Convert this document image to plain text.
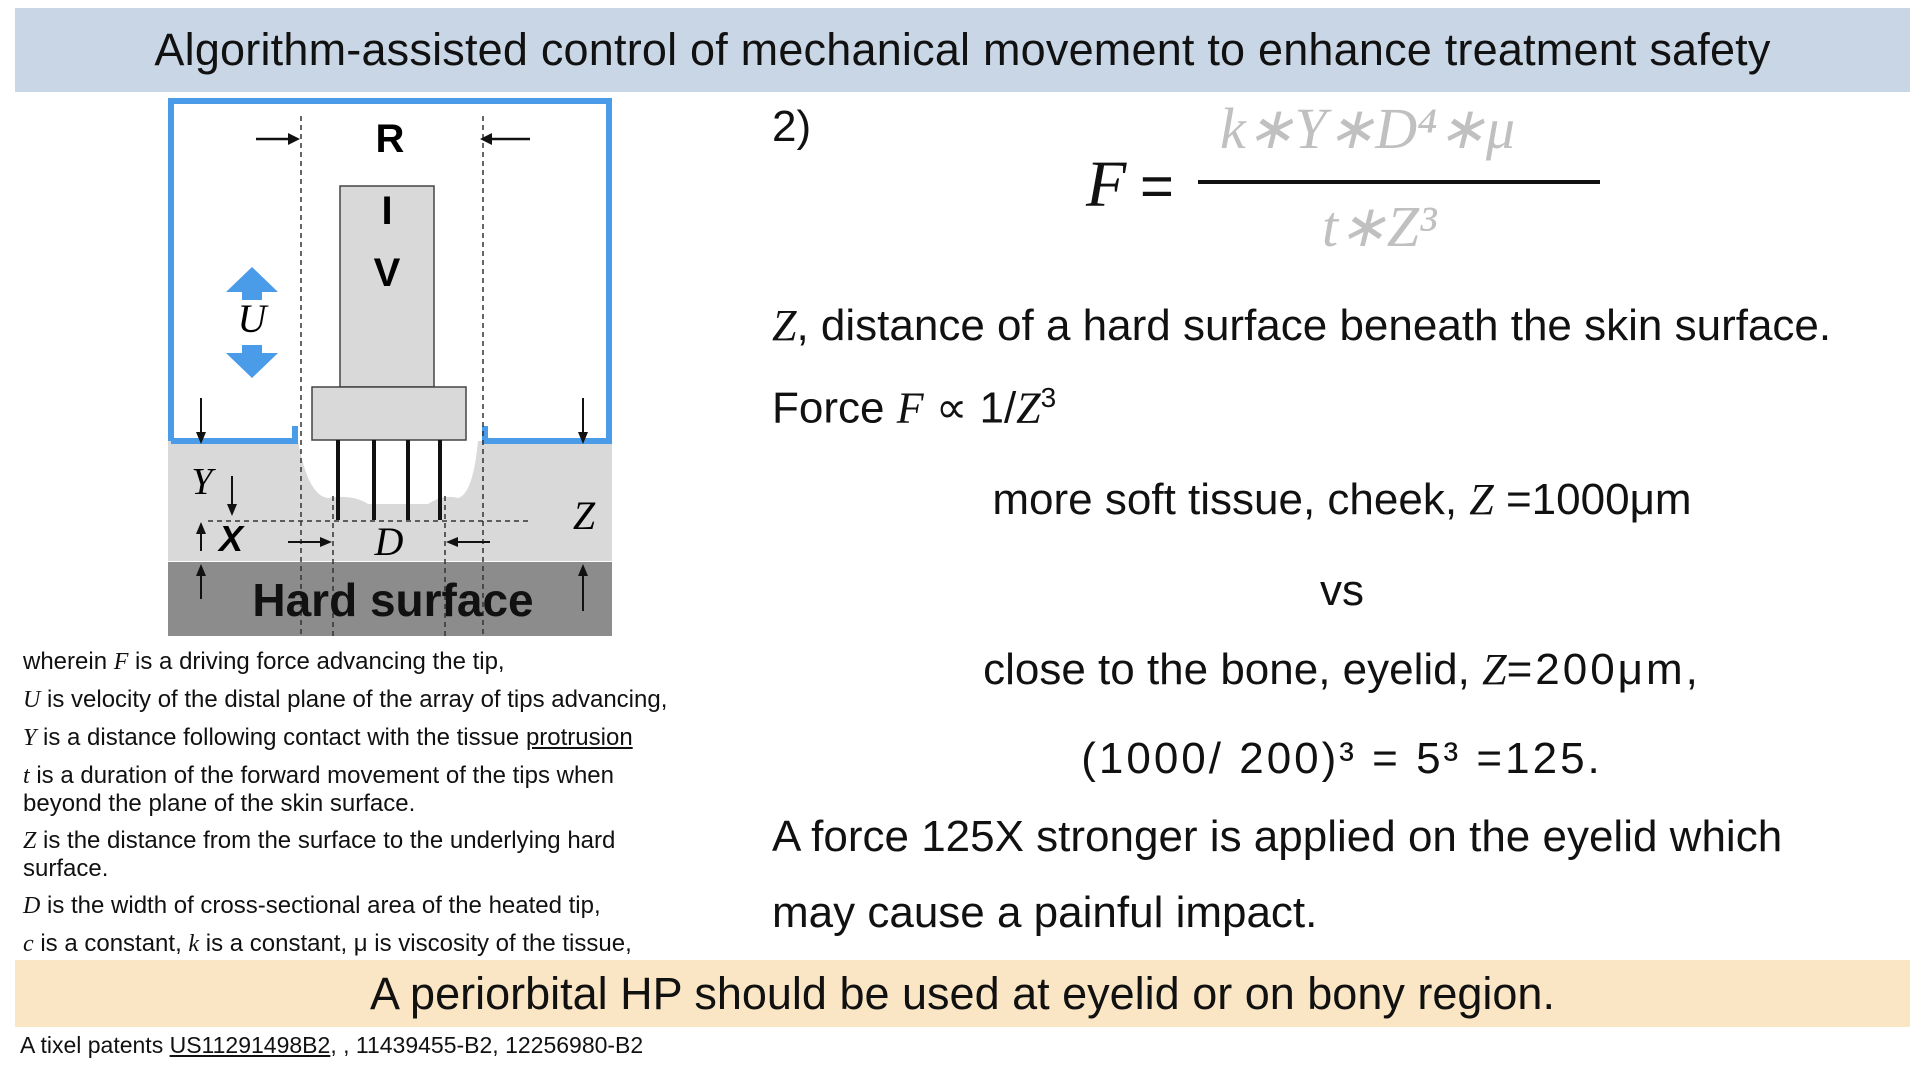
Algorithm-assisted control of mechanical movement to enhance treatment safety
R
I
V
U
Y
X
Z
D
Hard surface
wherein F is a driving force advancing the tip,
U is velocity of the distal plane of the array of tips advancing,
Y is a distance following contact with the tissue protrusion
t is a duration of the forward movement of the tips when
beyond the plane of the skin surface.
Z is the distance from the surface to the underlying hard
surface.
D is the width of cross-sectional area of the heated tip,
c is a constant, k is a constant, μ is viscosity of the tissue,
2)
F =
k∗Y∗D⁴∗μ
t∗Z³
Z, distance of a hard surface beneath the skin surface.
Force $F \propto 1/Z^3$
more soft tissue, cheek, Z =1000μm
vs
close to the bone, eyelid, Z=200μm,
(1000/ 200)³ = 5³ =125.
A force 125X stronger is applied on the eyelid which
may cause a painful impact.
A periorbital HP should be used at eyelid or on bony region.
A tixel patents US11291498B2, , 11439455-B2, 12256980-B2
